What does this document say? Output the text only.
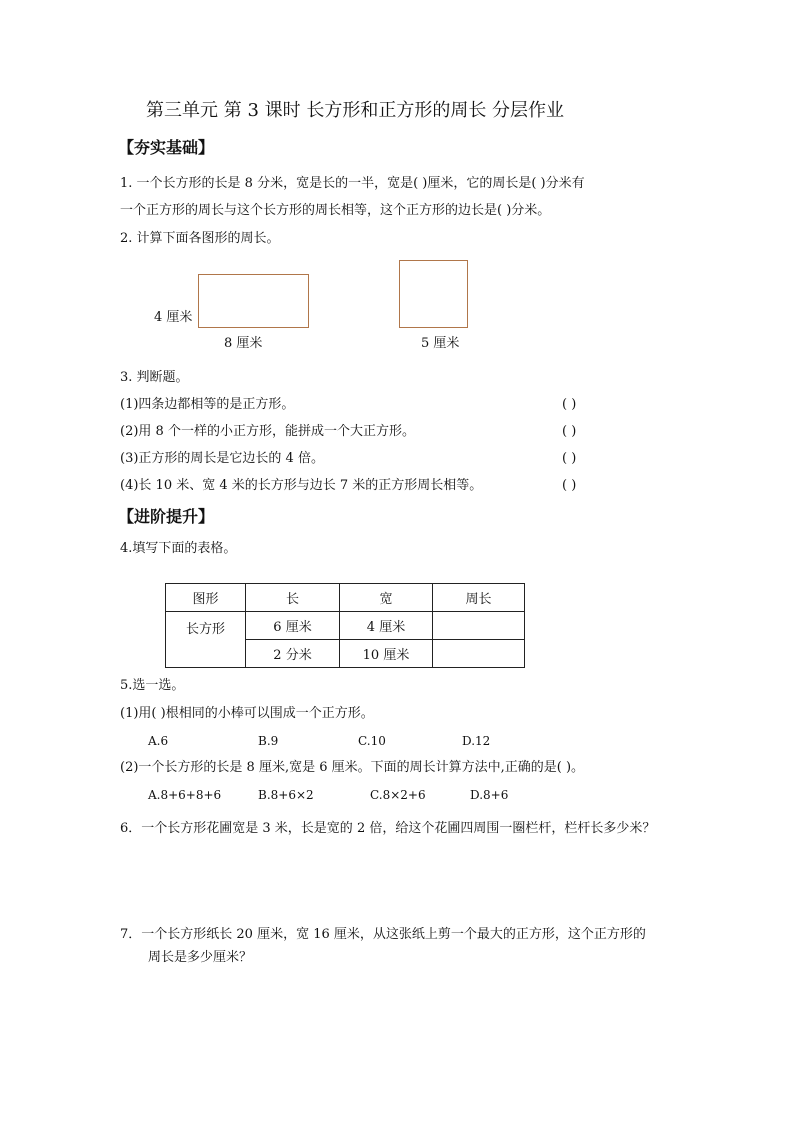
第三单元 第 3 课时 长方形和正方形的周长 分层作业
【夯实基础】
1. 一个长方形的长是 8 分米，宽是长的一半，宽是( )厘米，它的周长是( )分米有
一个正方形的周长与这个长方形的周长相等，这个正方形的边长是( )分米。
2. 计算下面各图形的周长。
4 厘米
8 厘米	5 厘米
3. 判断题。
(1)四条边都相等的是正方形。	( )
(2)用 8 个一样的小正方形，能拼成一个大正方形。	( )
(3)正方形的周长是它边长的 4 倍。	( )
(4)长 10 米、宽 4 米的长方形与边长 7 米的正方形周长相等。	( )
【进阶提升】
4.填写下面的表格。
图形	长	宽	周长
长方形	6 厘米	4 厘米	
	2 分米	10 厘米	
5.选一选。
(1)用( )根相同的小棒可以围成一个正方形。
A.6	B.9	C.10	D.12
(2)一个长方形的长是 8 厘米,宽是 6 厘米。下面的周长计算方法中,正确的是( )。
A.8+6+8+6	B.8+6×2	C.8×2+6	D.8+6
6．一个长方形花圃宽是 3 米，长是宽的 2 倍，给这个花圃四周围一圈栏杆，栏杆长多少米？
7．一个长方形纸长 20 厘米，宽 16 厘米，从这张纸上剪一个最大的正方形，这个正方形的
周长是多少厘米？
